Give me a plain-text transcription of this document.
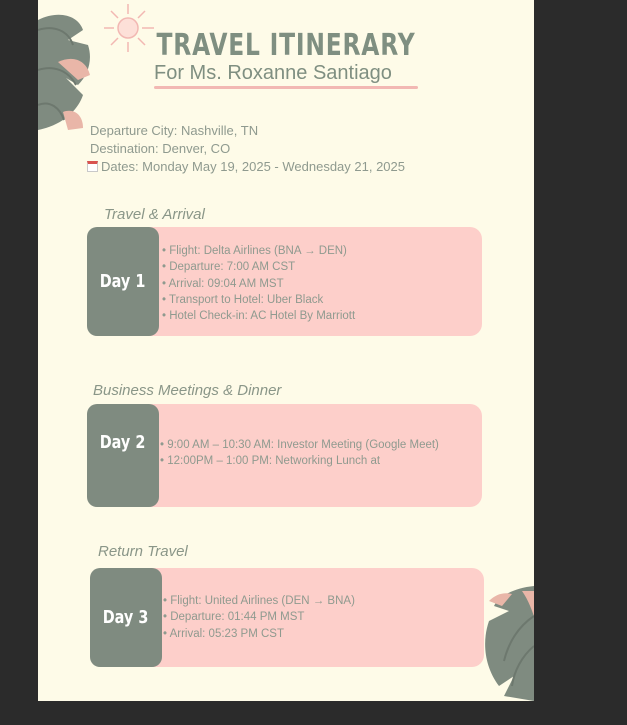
TRAVEL ITINERARY
For Ms. Roxanne Santiago
Departure City: Nashville, TN
Destination: Denver, CO
Dates: Monday May 19, 2025 - Wednesday 21, 2025
Travel & Arrival
Day 1
• Flight: Delta Airlines (BNA → DEN)
• Departure: 7:00 AM CST
• Arrival: 09:04 AM MST
• Transport to Hotel: Uber Black
• Hotel Check-in: AC Hotel By Marriott
Business Meetings & Dinner
Day 2 • 9:00 AM – 10:30 AM: Investor Meeting (Google Meet)
• 12:00PM – 1:00 PM: Networking Lunch at
Return Travel
Day 3
• Flight: United Airlines (DEN → BNA)
• Departure: 01:44 PM MST
• Arrival: 05:23 PM CST
